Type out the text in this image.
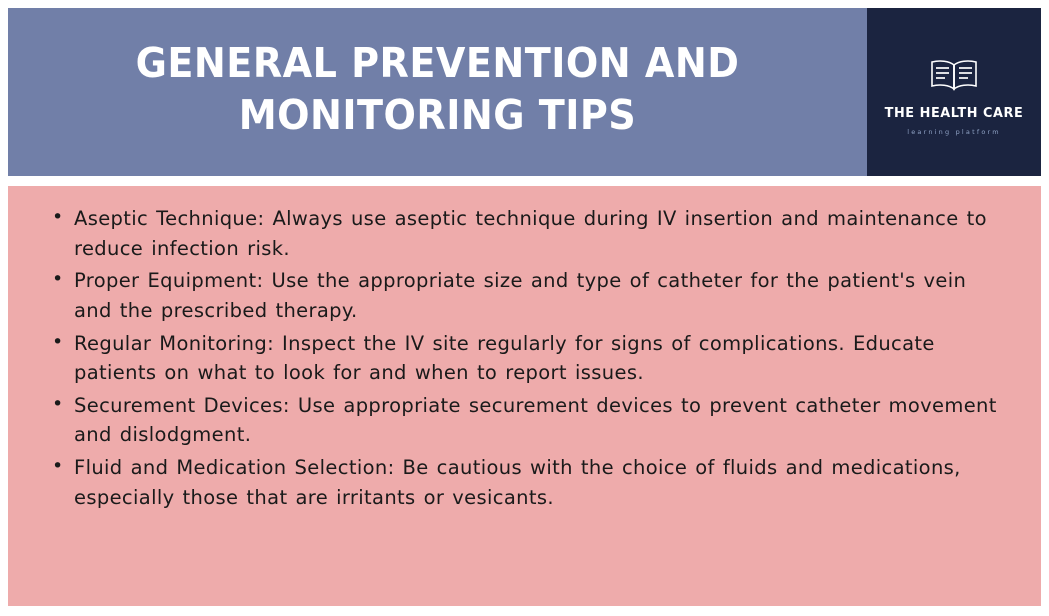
GENERAL PREVENTION AND MONITORING TIPS	THE HEALTH CARE
learning platform
• Aseptic Technique: Always use aseptic technique during IV insertion and maintenance to reduce infection risk.
• Proper Equipment: Use the appropriate size and type of catheter for the patient's vein and the prescribed therapy.
• Regular Monitoring: Inspect the IV site regularly for signs of complications. Educate patients on what to look for and when to report issues.
• Securement Devices: Use appropriate securement devices to prevent catheter movement and dislodgment.
• Fluid and Medication Selection: Be cautious with the choice of fluids and medications, especially those that are irritants or vesicants.
